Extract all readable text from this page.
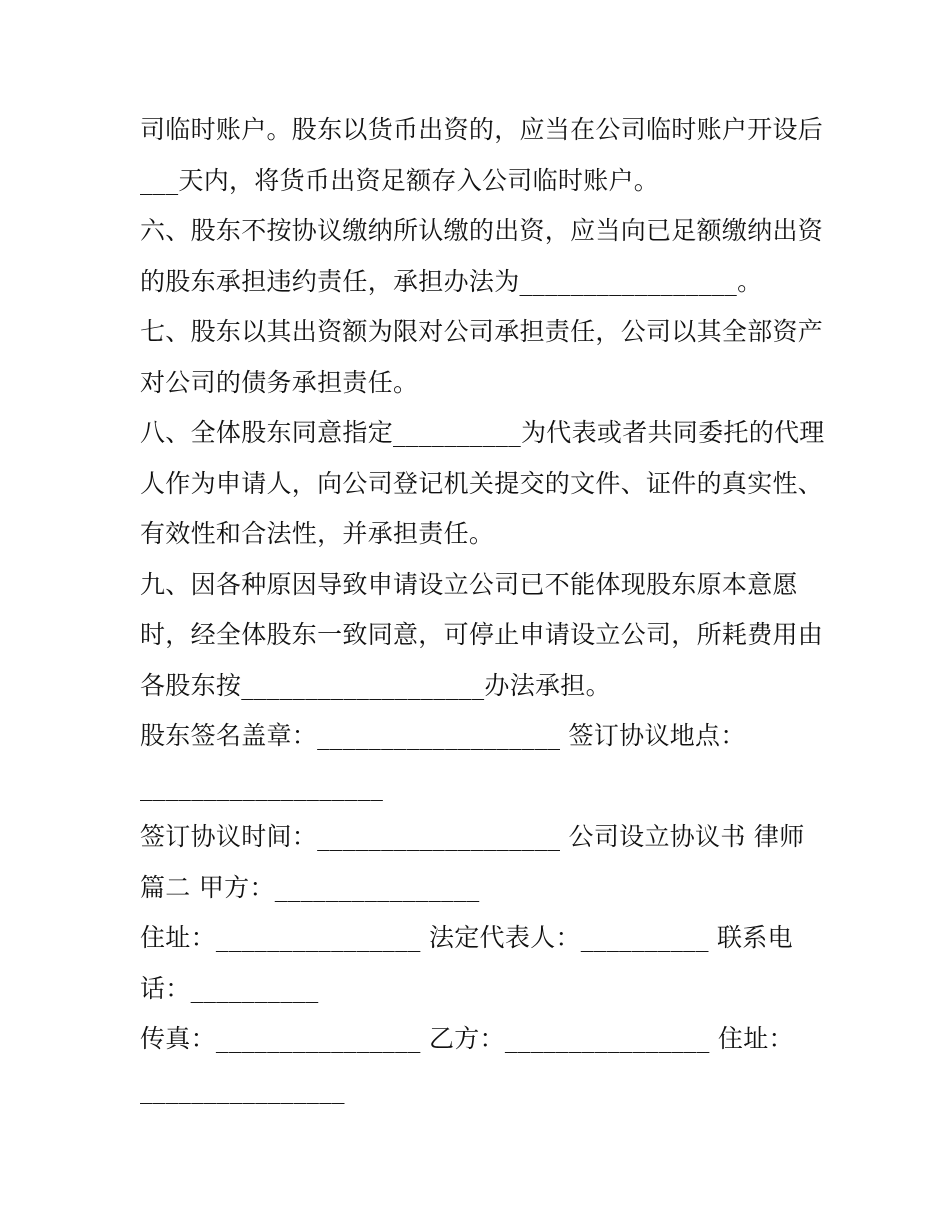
司临时账户。股东以货币出资的，应当在公司临时账户开设后
___天内，将货币出资足额存入公司临时账户。
六、股东不按协议缴纳所认缴的出资，应当向已足额缴纳出资
的股东承担违约责任，承担办法为_________________。
七、股东以其出资额为限对公司承担责任，公司以其全部资产
对公司的债务承担责任。
八、全体股东同意指定__________为代表或者共同委托的代理
人作为申请人，向公司登记机关提交的文件、证件的真实性、
有效性和合法性，并承担责任。
九、因各种原因导致申请设立公司已不能体现股东原本意愿
时，经全体股东一致同意，可停止申请设立公司，所耗费用由
各股东按___________________办法承担。
股东签名盖章：___________________ 签订协议地点：
___________________
签订协议时间：___________________ 公司设立协议书 律师
篇二 甲方：________________
住址：________________ 法定代表人：__________ 联系电
话：__________
传真：________________ 乙方：________________ 住址：
________________
